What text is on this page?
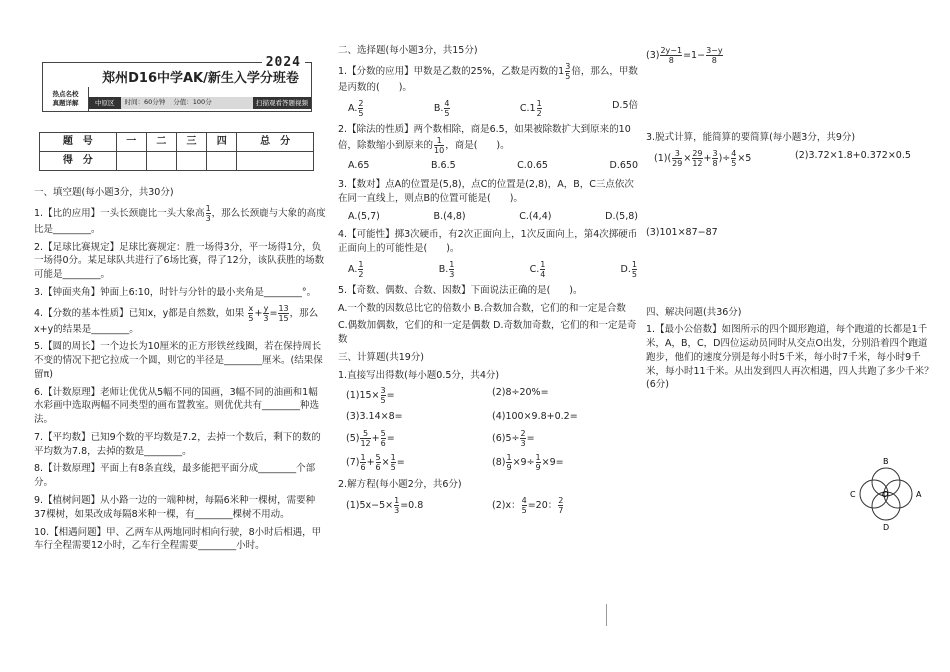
热点名校
真题详解
2024
郑州D16中学AK/新生入学分班卷
中原区	时间：60分钟	分值：100分	扫描观看答题视频
题　号	一	二	三	四	总　分
得　分					
一、填空题(每小题3分，共30分)
1.【比的应用】一头长颈鹿比一头大象高 $\frac{1}{3}$ ，那么长颈鹿与大象的高度比是________。
2.【足球比赛规定】足球比赛规定：胜一场得3分，平一场得1分，负一场得0分。某足球队共进行了6场比赛，得了12分，该队获胜的场数可能是________。
3.【钟面夹角】钟面上6:10，时针与分针的最小夹角是________°。
4.【分数的基本性质】已知x，y都是自然数，如果 $\frac{x}{5} + \frac{y}{3} = \frac{13}{15}$ ，那么x+y的结果是________。
5.【圆的周长】一个边长为10厘米的正方形铁丝线圈，若在保持周长不变的情况下把它拉成一个圆，则它的半径是________厘米。(结果保留π)
6.【计数原理】老师让优优从5幅不同的国画，3幅不同的油画和1幅水彩画中选取两幅不同类型的画布置教室。则优优共有________种选法。
7.【平均数】已知9个数的平均数是7.2，去掉一个数后，剩下的数的平均数为7.8，去掉的数是________。
8.【计数原理】平面上有8条直线，最多能把平面分成________个部分。
9.【植树问题】从小路一边的一端种树，每隔6米种一棵树，需要种37棵树，如果改成每隔8米种一棵，有________棵树不用动。
10.【相遇问题】甲、乙两车从两地同时相向行驶，8小时后相遇，甲车行全程需要12小时，乙车行全程需要________小时。
二、选择题(每小题3分，共15分)
1.【分数的应用】甲数是乙数的25%，乙数是丙数的$1 \frac{3}{5}$ 倍，那么，甲数是丙数的(　　)。
A. $\frac{2}{5}$	B. $\frac{4}{5}$	$C.1 \frac{1}{2}$	D.5倍
2.【除法的性质】两个数相除，商是6.5，如果被除数扩大到原来的10倍，除数缩小到原来的 $\frac{1}{10}$ ，商是(　　)。
A.65	B.6.5	C.0.65	D.650
3.【数对】点A的位置是(5,8)，点C的位置是(2,8)，A，B，C三点依次在同一直线上，则点B的位置可能是(　　)。
A.(5,7)	B.(4,8)	C.(4,4)	D.(5,8)
4.【可能性】掷3次硬币，有2次正面向上，1次反面向上，第4次掷硬币正面向上的可能性是(　　)。
A. $\frac{1}{2}$	B. $\frac{1}{3}$	C. $\frac{1}{4}$	D. $\frac{1}{5}$
5.【奇数、偶数、合数、因数】下面说法正确的是(　　)。
A.一个数的因数总比它的倍数小 B.合数加合数，它们的和一定是合数
C.偶数加偶数，它们的和一定是偶数 D.奇数加奇数，它们的和一定是奇数
三、计算题(共19分)
1.直接写出得数(每小题0.5分，共4分)
$(1)15\times \frac{3}{5}$ =	(2)8÷20%=
(3)3.14×8=	(4)100×9.8+0.2=
$(5) \frac{5}{12} + \frac{5}{6}$ =	$(6)5\div \frac{2}{3}$ =
$(7) \frac{1}{6} + \frac{5}{6} \times \frac{1}{5}$ =	$(8) \frac{1}{9} \times 9\div \frac{1}{9} \times 9=$
2.解方程(每小题2分，共6分)
$(1)5x-5\times \frac{1}{3} =0.8$	(2)x： $\frac{4}{5} =20$： $\frac{2}{7}$
$(3) \frac{2y-1}{8} =1- \frac{3-y}{8}$
3.脱式计算，能简算的要简算(每小题3分，共9分)
$(1)( \frac{3}{29} \times \frac{29}{12} + \frac{3}{8}$ )÷ $\frac{4}{5} \times 5$	(2)3.72×1.8+0.372×0.5
(3)101×87−87
四、解决问题(共36分)
1.【最小公倍数】如图所示的四个圆形跑道，每个跑道的长都是1千米，A，B，C，D四位运动员同时从交点O出发，分别沿着四个跑道跑步，他们的速度分别是每小时5千米，每小时7千米，每小时9千米，每小时11千米。从出发到四人再次相遇，四人共跑了多少千米？(6分)
B
C	O	A
D
